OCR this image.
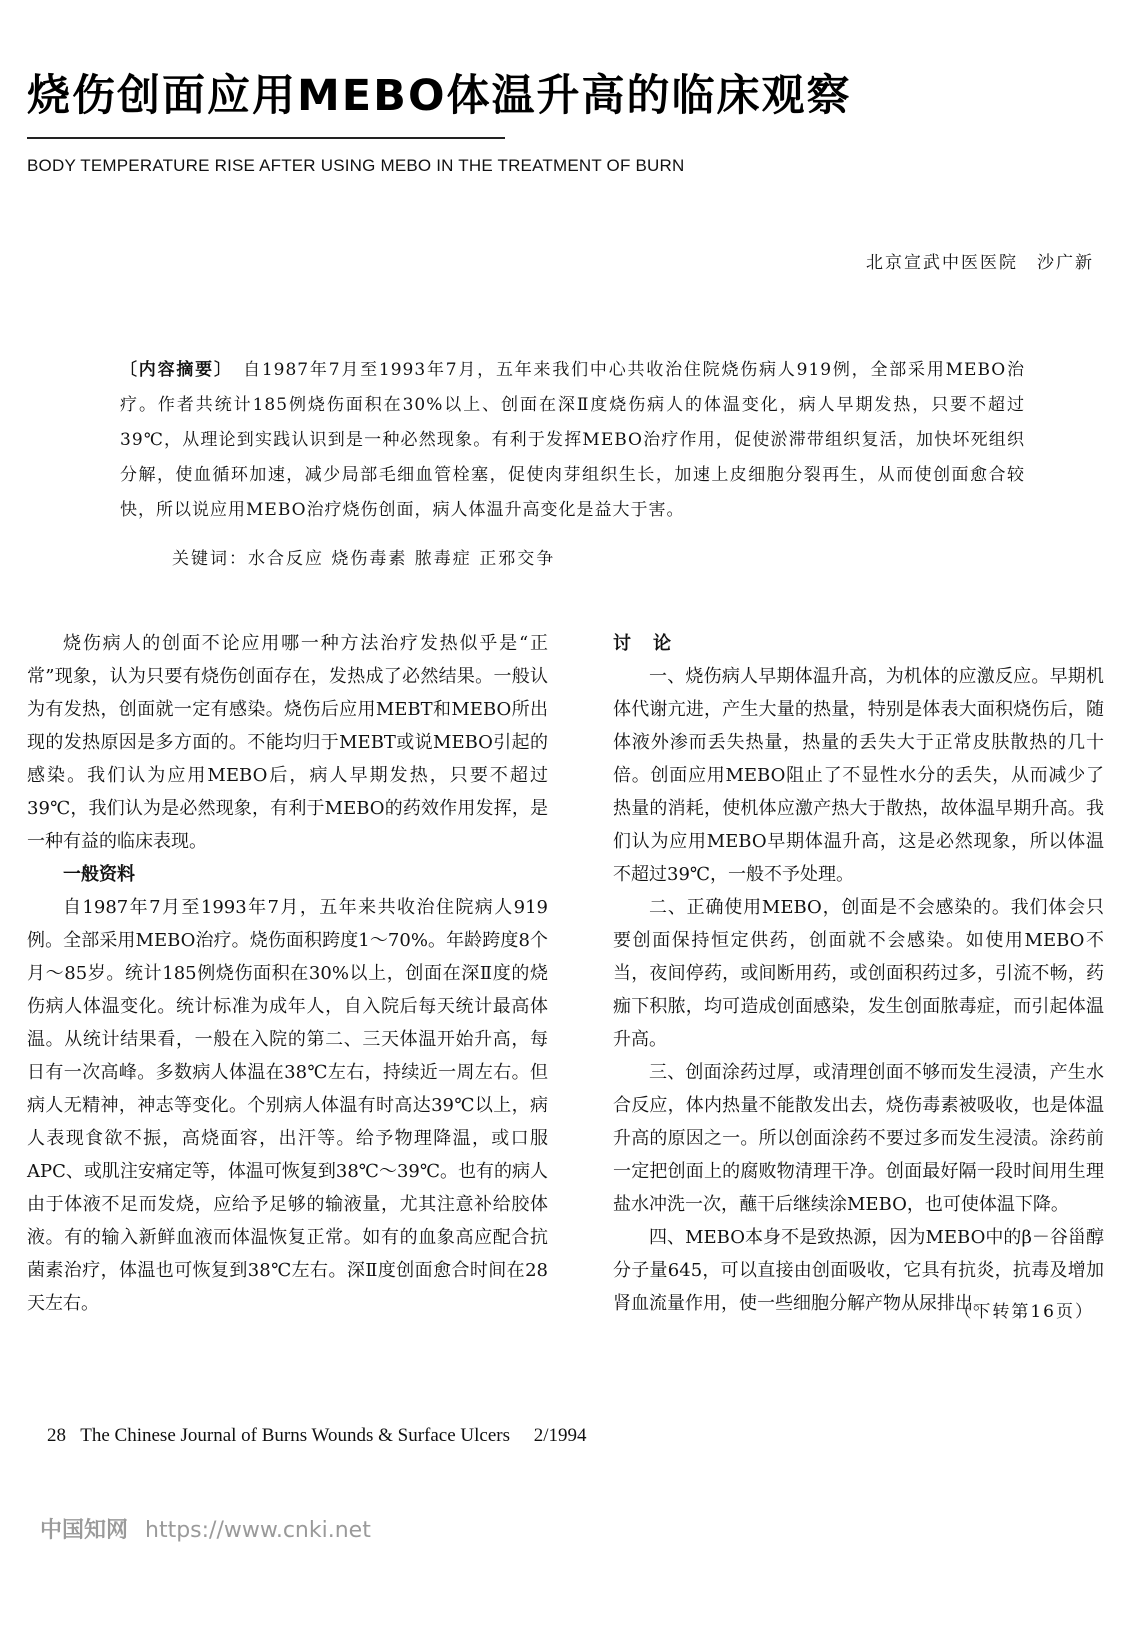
烧伤创面应用MEBO体温升高的临床观察
BODY TEMPERATURE RISE AFTER USING MEBO IN THE TREATMENT OF BURN
北京宣武中医医院　沙广新
〔内容摘要〕　 自1987年7月至1993年7月，五年来我们中心共收治住院烧伤病人919例，全部采用MEBO治疗。作者共统计185例烧伤面积在30%以上、创面在深Ⅱ度烧伤病人的体温变化，病人早期发热，只要不超过39℃，从理论到实践认识到是一种必然现象。有利于发挥MEBO治疗作用，促使淤滞带组织复活，加快坏死组织分解，使血循环加速，减少局部毛细血管栓塞，促使肉芽组织生长，加速上皮细胞分裂再生，从而使创面愈合较快，所以说应用MEBO治疗烧伤创面，病人体温升高变化是益大于害。
关键词：水合反应 烧伤毒素 脓毒症 正邪交争

烧伤病人的创面不论应用哪一种方法治疗发热似乎是“正常”现象，认为只要有烧伤创面存在，发热成了必然结果。一般认为有发热，创面就一定有感染。烧伤后应用MEBT和MEBO所出现的发热原因是多方面的。不能均归于MEBT或说MEBO引起的感染。我们认为应用MEBO后，病人早期发热，只要不超过39℃，我们认为是必然现象，有利于MEBO的药效作用发挥，是一种有益的临床表现。

一般资料

自1987年7月至1993年7月，五年来共收治住院病人919例。全部采用MEBO治疗。烧伤面积跨度1～70%。年龄跨度8个月～85岁。统计185例烧伤面积在30%以上，创面在深Ⅱ度的烧伤病人体温变化。统计标准为成年人，自入院后每天统计最高体温。从统计结果看，一般在入院的第二、三天体温开始升高，每日有一次高峰。多数病人体温在38℃左右，持续近一周左右。但病人无精神，神志等变化。个别病人体温有时高达39℃以上，病人表现食欲不振，高烧面容，出汗等。给予物理降温，或口服APC、或肌注安痛定等，体温可恢复到38℃～39℃。也有的病人由于体液不足而发烧，应给予足够的输液量，尤其注意补给胶体液。有的输入新鲜血液而体温恢复正常。如有的血象高应配合抗菌素治疗，体温也可恢复到38℃左右。深Ⅱ度创面愈合时间在28天左右。

讨论

一、烧伤病人早期体温升高，为机体的应激反应。早期机体代谢亢进，产生大量的热量，特别是体表大面积烧伤后，随体液外渗而丢失热量，热量的丢失大于正常皮肤散热的几十倍。创面应用MEBO阻止了不显性水分的丢失，从而减少了热量的消耗，使机体应激产热大于散热，故体温早期升高。我们认为应用MEBO早期体温升高，这是必然现象，所以体温不超过39℃，一般不予处理。

二、正确使用MEBO，创面是不会感染的。我们体会只要创面保持恒定供药，创面就不会感染。如使用MEBO不当，夜间停药，或间断用药，或创面积药过多，引流不畅，药痂下积脓，均可造成创面感染，发生创面脓毒症，而引起体温升高。

三、创面涂药过厚，或清理创面不够而发生浸渍，产生水合反应，体内热量不能散发出去，烧伤毒素被吸收，也是体温升高的原因之一。所以创面涂药不要过多而发生浸渍。涂药前一定把创面上的腐败物清理干净。创面最好隔一段时间用生理盐水冲洗一次，蘸干后继续涂MEBO，也可使体温下降。

四、MEBO本身不是致热源，因为MEBO中的β－谷甾醇分子量645，可以直接由创面吸收，它具有抗炎，抗毒及增加肾血流量作用，使一些细胞分解产物从尿排出。

（下转第16页）
28 The Chinese Journal of Burns Wounds & Surface Ulcers 2/1994
中国知网 https://www.cnki.net
